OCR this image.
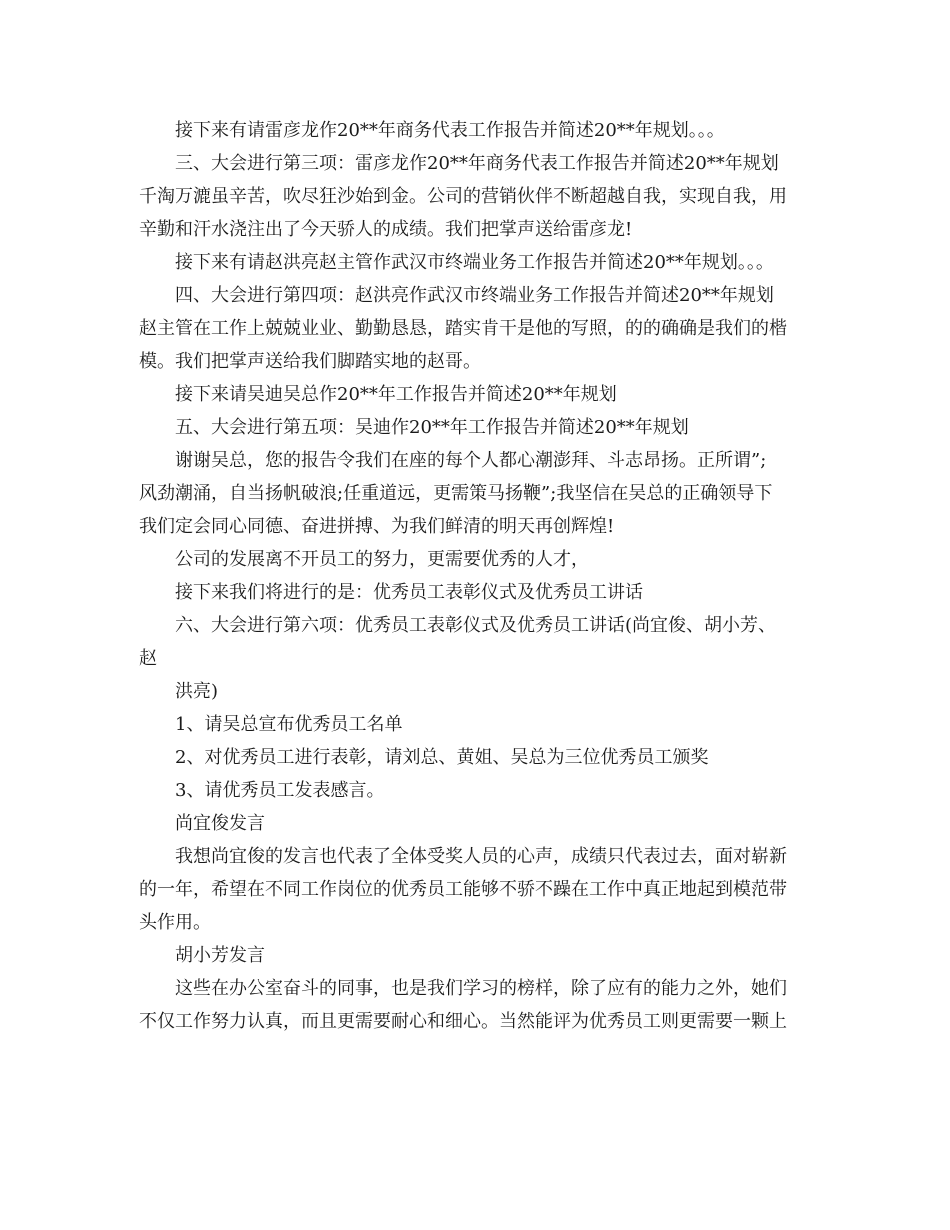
接下来有请雷彦龙作20**年商务代表工作报告并简述20**年规划。。。

三、大会进行第三项：雷彦龙作20**年商务代表工作报告并简述20**年规划

千淘万漉虽辛苦，吹尽狂沙始到金。公司的营销伙伴不断超越自我，实现自我，用

辛勤和汗水浇注出了今天骄人的成绩。我们把掌声送给雷彦龙!

接下来有请赵洪亮赵主管作武汉市终端业务工作报告并简述20**年规划。。。

四、大会进行第四项：赵洪亮作武汉市终端业务工作报告并简述20**年规划

赵主管在工作上兢兢业业、勤勤恳恳，踏实肯干是他的写照，的的确确是我们的楷

模。我们把掌声送给我们脚踏实地的赵哥。

接下来请吴迪吴总作20**年工作报告并简述20**年规划

五、大会进行第五项：吴迪作20**年工作报告并简述20**年规划

谢谢吴总，您的报告令我们在座的每个人都心潮澎拜、斗志昂扬。正所谓”;

风劲潮涌，自当扬帆破浪;任重道远，更需策马扬鞭”;我坚信在吴总的正确领导下

我们定会同心同德、奋进拼搏、为我们鲜清的明天再创辉煌!

公司的发展离不开员工的努力，更需要优秀的人才，

接下来我们将进行的是：优秀员工表彰仪式及优秀员工讲话

六、大会进行第六项：优秀员工表彰仪式及优秀员工讲话(尚宜俊、胡小芳、

赵

洪亮)

1、请吴总宣布优秀员工名单

2、对优秀员工进行表彰，请刘总、黄姐、吴总为三位优秀员工颁奖

3、请优秀员工发表感言。

尚宜俊发言

我想尚宜俊的发言也代表了全体受奖人员的心声，成绩只代表过去，面对崭新

的一年，希望在不同工作岗位的优秀员工能够不骄不躁在工作中真正地起到模范带

头作用。

胡小芳发言

这些在办公室奋斗的同事，也是我们学习的榜样，除了应有的能力之外，她们

不仅工作努力认真，而且更需要耐心和细心。当然能评为优秀员工则更需要一颗上
